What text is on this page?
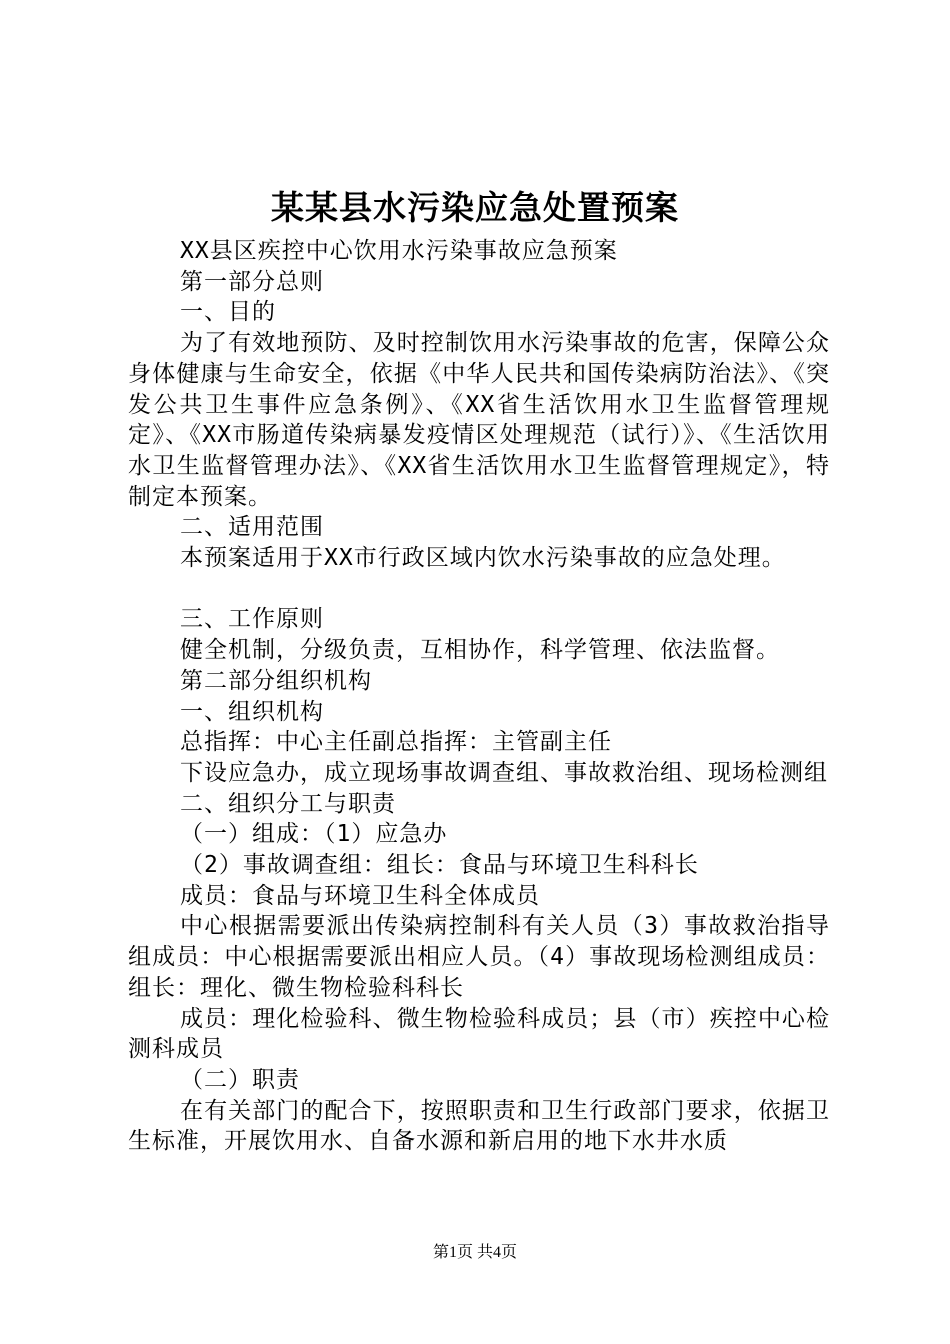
某某县水污染应急处置预案

XX县区疾控中心饮用水污染事故应急预案

第一部分总则

一、目的

为了有效地预防、及时控制饮用水污染事故的危害，保障公众身体健康与生命安全，依据《中华人民共和国传染病防治法》、《突发公共卫生事件应急条例》、《XX省生活饮用水卫生监督管理规定》、《XX市肠道传染病暴发疫情区处理规范（试行）》、《生活饮用水卫生监督管理办法》、《XX省生活饮用水卫生监督管理规定》，特制定本预案。

二、适用范围

本预案适用于XX市行政区域内饮水污染事故的应急处理。

三、工作原则

健全机制，分级负责，互相协作，科学管理、依法监督。

第二部分组织机构

一、组织机构

总指挥：中心主任副总指挥：主管副主任

下设应急办，成立现场事故调查组、事故救治组、现场检测组

二、组织分工与职责

（一）组成：（1）应急办

（2）事故调查组：组长：食品与环境卫生科科长

成员：食品与环境卫生科全体成员

中心根据需要派出传染病控制科有关人员（3）事故救治指导组成员：中心根据需要派出相应人员。（4）事故现场检测组成员：组长：理化、微生物检验科科长

成员：理化检验科、微生物检验科成员；县（市）疾控中心检测科成员

（二）职责

在有关部门的配合下，按照职责和卫生行政部门要求，依据卫生标准，开展饮用水、自备水源和新启用的地下水井水质

第1页 共4页
